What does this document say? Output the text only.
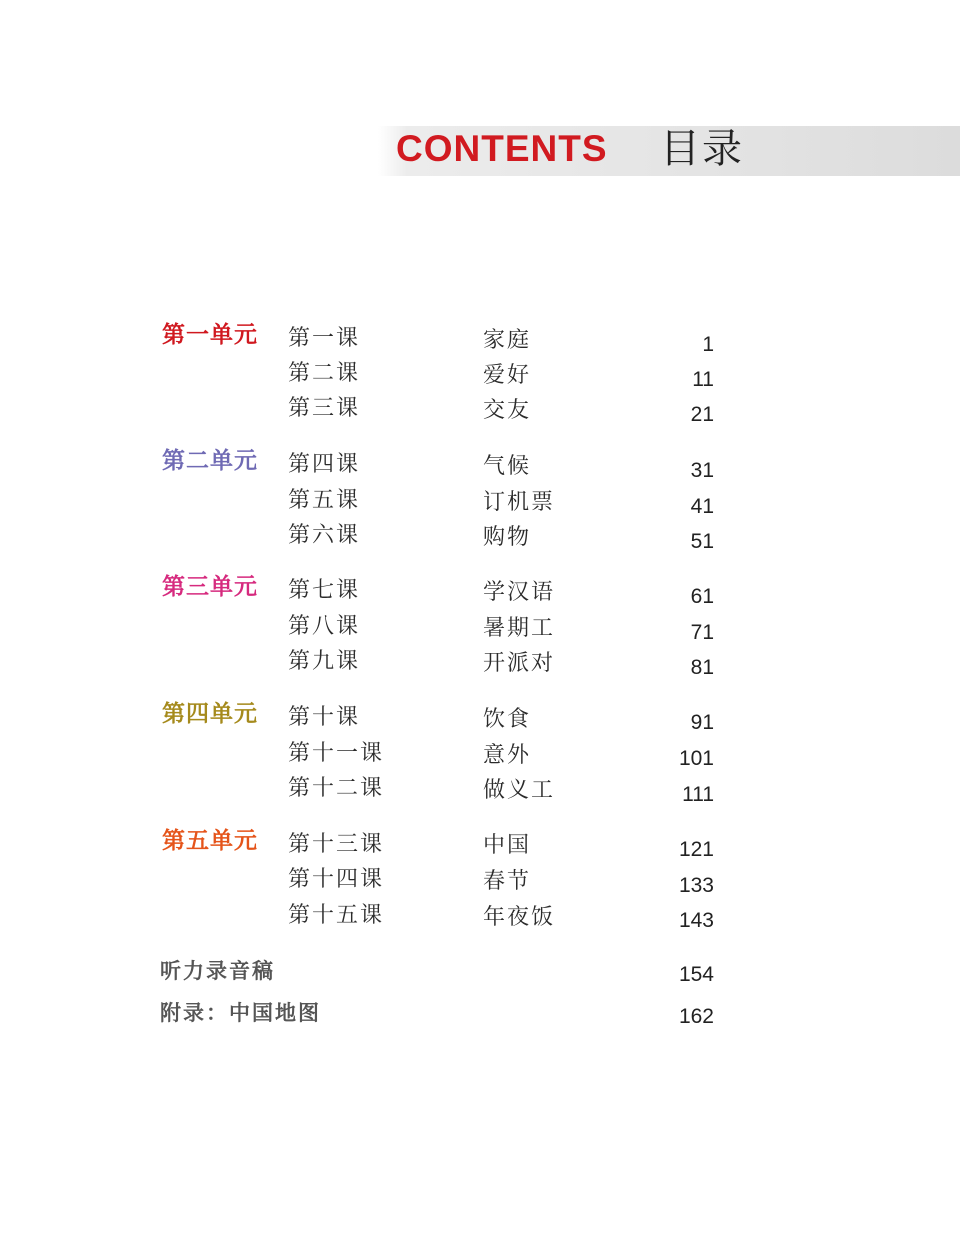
CONTENTS 目录
第一单元 第一课	家庭	1
第二课	爱好	11
第三课	交友	21
第二单元 第四课	气候	31
第五课	订机票	41
第六课	购物	51
第三单元 第七课	学汉语	61
第八课	暑期工	71
第九课	开派对	81
第四单元 第十课	饮食	91
第十一课	意外	101
第十二课	做义工	111
第五单元 第十三课	中国	121
第十四课	春节	133
第十五课	年夜饭	143
听力录音稿	154
附录：中国地图	162
